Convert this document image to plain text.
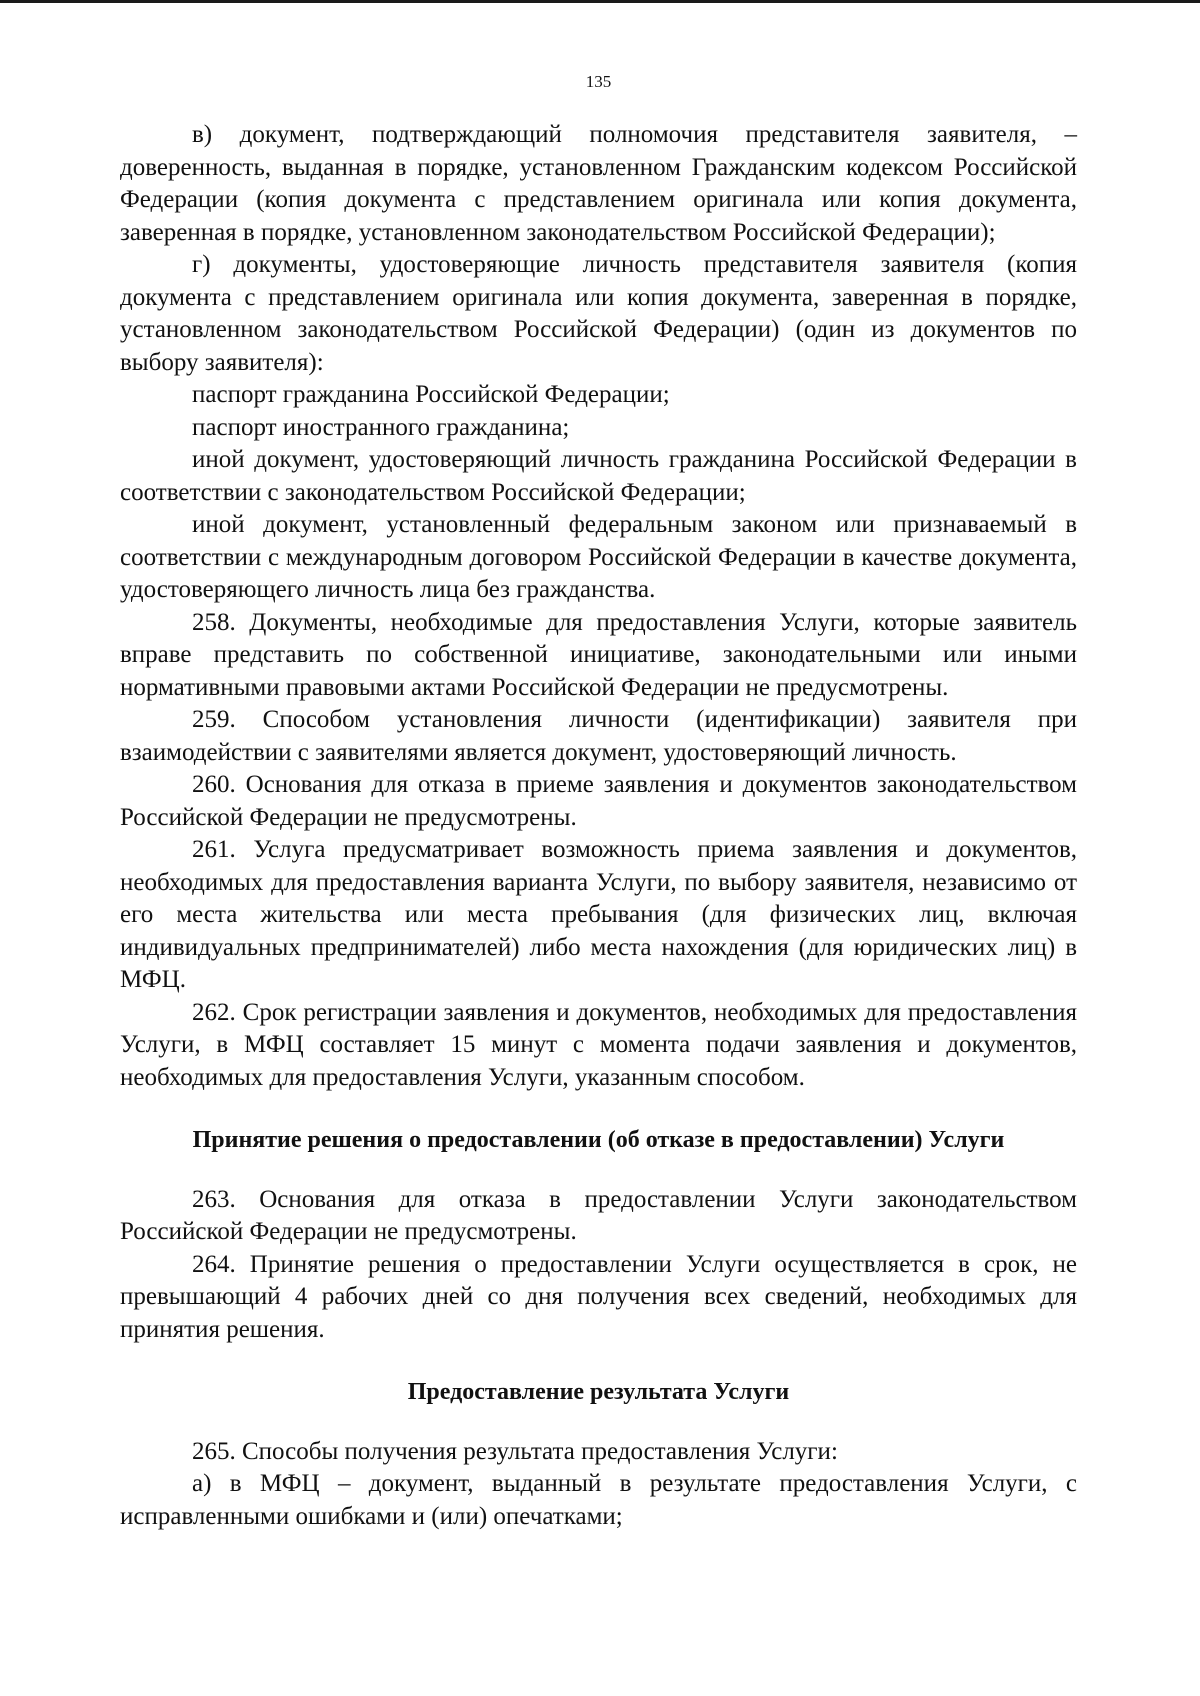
135

в) документ, подтверждающий полномочия представителя заявителя, – доверенность, выданная в порядке, установленном Гражданским кодексом Российской Федерации (копия документа с представлением оригинала или копия документа, заверенная в порядке, установленном законодательством Российской Федерации);

г) документы, удостоверяющие личность представителя заявителя (копия документа с представлением оригинала или копия документа, заверенная в порядке, установленном законодательством Российской Федерации) (один из документов по выбору заявителя):

паспорт гражданина Российской Федерации;

паспорт иностранного гражданина;

иной документ, удостоверяющий личность гражданина Российской Федерации в соответствии с законодательством Российской Федерации;

иной документ, установленный федеральным законом или признаваемый в соответствии с международным договором Российской Федерации в качестве документа, удостоверяющего личность лица без гражданства.

258. Документы, необходимые для предоставления Услуги, которые заявитель вправе представить по собственной инициативе, законодательными или иными нормативными правовыми актами Российской Федерации не предусмотрены.

259. Способом установления личности (идентификации) заявителя при взаимодействии с заявителями является документ, удостоверяющий личность.

260. Основания для отказа в приеме заявления и документов законодательством Российской Федерации не предусмотрены.

261. Услуга предусматривает возможность приема заявления и документов, необходимых для предоставления варианта Услуги, по выбору заявителя, независимо от его места жительства или места пребывания (для физических лиц, включая индивидуальных предпринимателей) либо места нахождения (для юридических лиц) в МФЦ.

262. Срок регистрации заявления и документов, необходимых для предоставления Услуги, в МФЦ составляет 15 минут с момента подачи заявления и документов, необходимых для предоставления Услуги, указанным способом.

Принятие решения о предоставлении (об отказе в предоставлении) Услуги

263. Основания для отказа в предоставлении Услуги законодательством Российской Федерации не предусмотрены.

264. Принятие решения о предоставлении Услуги осуществляется в срок, не превышающий 4 рабочих дней со дня получения всех сведений, необходимых для принятия решения.

Предоставление результата Услуги

265. Способы получения результата предоставления Услуги:

а) в МФЦ – документ, выданный в результате предоставления Услуги, с исправленными ошибками и (или) опечатками;
